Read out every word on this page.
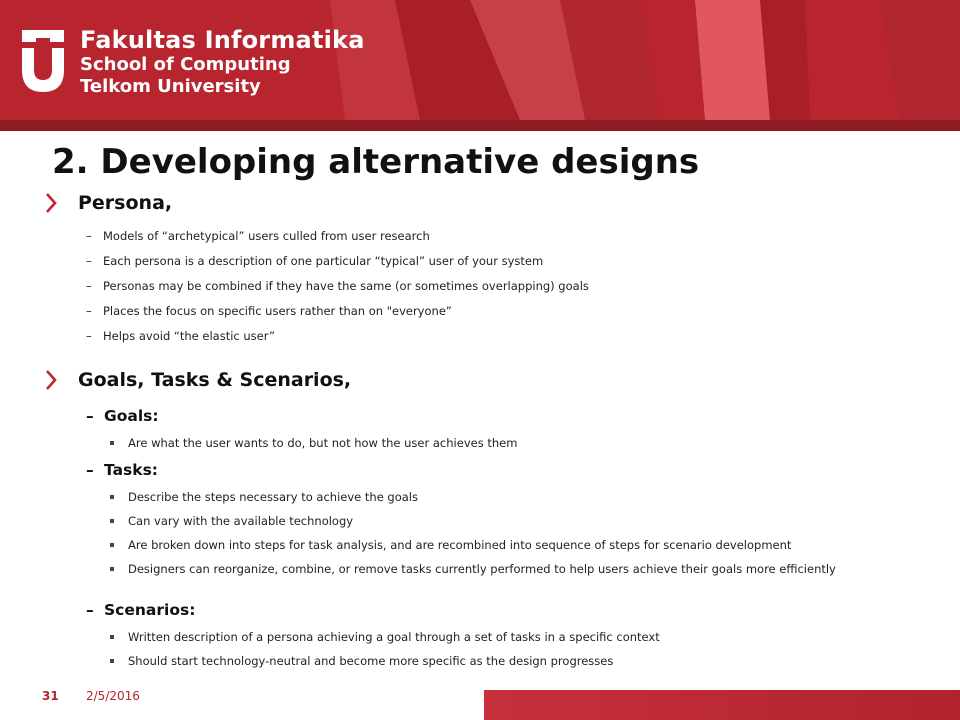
Fakultas Informatika
School of Computing
Telkom University
2. Developing alternative designs
Persona,
– Models of “archetypical” users culled from user research
– Each persona is a description of one particular “typical” user of your system
– Personas may be combined if they have the same (or sometimes overlapping) goals
– Places the focus on specific users rather than on "everyone”
– Helps avoid “the elastic user”
Goals, Tasks & Scenarios,
– Goals:
Are what the user wants to do, but not how the user achieves them
– Tasks:
Describe the steps necessary to achieve the goals
Can vary with the available technology
Are broken down into steps for task analysis, and are recombined into sequence of steps for scenario development
Designers can reorganize, combine, or remove tasks currently performed to help users achieve their goals more efficiently
– Scenarios:
Written description of a persona achieving a goal through a set of tasks in a specific context
Should start technology-neutral and become more specific as the design progresses
31 2/5/2016
